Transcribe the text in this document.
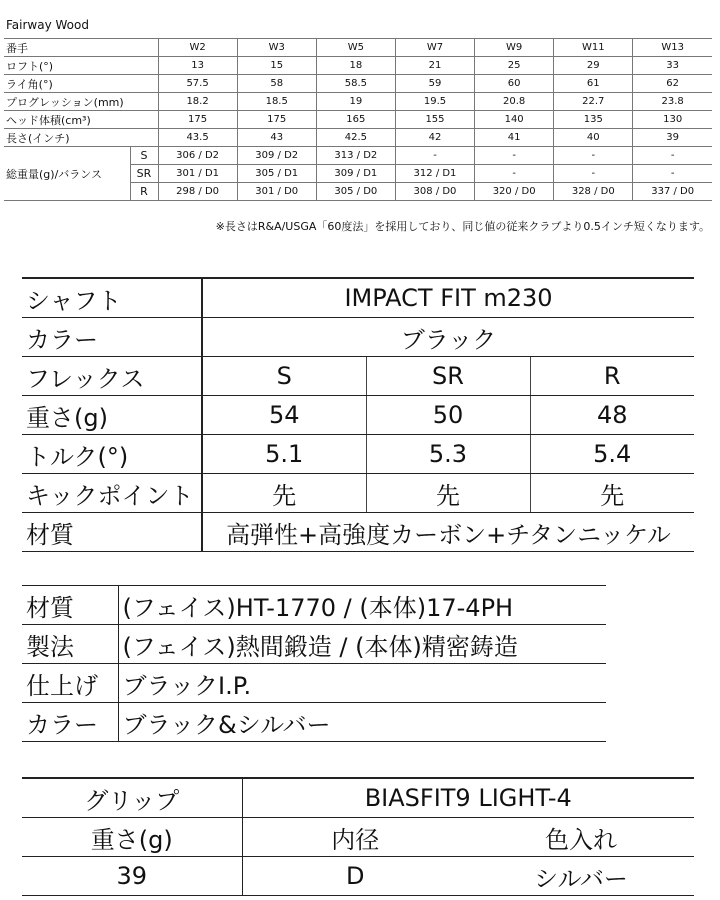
Fairway Wood
番手		W2	W3	W5	W7	W9	W11	W13
ロフト(°)		13	15	18	21	25	29	33
ライ角(°)		57.5	58	58.5	59	60	61	62
プログレッション(mm)		18.2	18.5	19	19.5	20.8	22.7	23.8
ヘッド体積(cm³)		175	175	165	155	140	135	130
長さ(インチ)		43.5	43	42.5	42	41	40	39
総重量(g)/バランス	S	306 / D2	309 / D2	313 / D2	-	-	-	-
	SR	301 / D1	305 / D1	309 / D1	312 / D1	-	-	-
	R	298 / D0	301 / D0	305 / D0	308 / D0	320 / D0	328 / D0	337 / D0
※長さはR&A/USGA「60度法」を採用しており、同じ値の従来クラブより0.5インチ短くなります。
シャフト	IMPACT FIT m230		
カラー	ブラック		
フレックス	S	SR	R
重さ(g)	54	50	48
トルク(°)	5.1	5.3	5.4
キックポイント	先	先	先
材質	高弾性+高強度カーボン+チタンニッケル		
材質	(フェイス)HT-1770 / (本体)17-4PH
製法	(フェイス)熱間鍛造 / (本体)精密鋳造
仕上げ	ブラックI.P.
カラー	ブラック&シルバー
グリップ	BIASFIT9 LIGHT-4	
重さ(g)	内径	色入れ
39	D	シルバー
